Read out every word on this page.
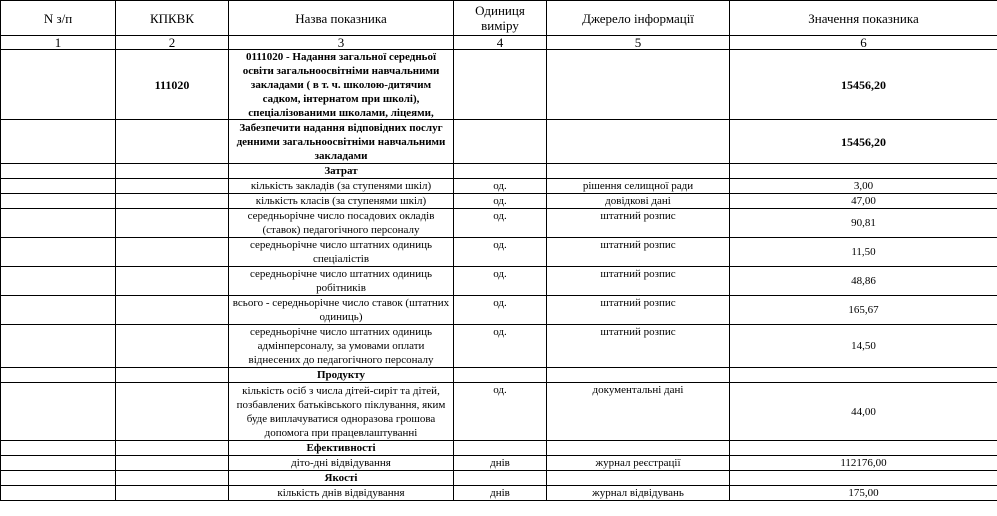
N з/п	КПКВК	Назва показника	Одиниця виміру	Джерело інформації	Значення показника
1	2	3	4	5	6
	111020	0111020 - Надання загальної середньої освіти загальноосвітніми навчальними закладами ( в т. ч. школою-дитячим садком, інтернатом при школі), спеціалізованими школами, ліцеями,			15456,20
		Забезпечити надання відповідних послуг денними загальноосвітніми навчальними закладами			15456,20
		Затрат			
		кількість закладів (за ступенями шкіл)	од.	рішення селищної ради	3,00
		кількість класів (за ступенями шкіл)	од.	довідкові дані	47,00
		середньорічне число посадових окладів (ставок) педагогічного персоналу	од.	штатний розпис	90,81
		середньорічне число штатних одиниць спеціалістів	од.	штатний розпис	11,50
		середньорічне число штатних одиниць робітників	од.	штатний розпис	48,86
		всього - середньорічне число ставок (штатних одиниць)	од.	штатний розпис	165,67
		середньорічне число штатних одиниць адмінперсоналу, за умовами оплати віднесених до педагогічного персоналу	од.	штатний розпис	14,50
		Продукту			
		кількість осіб з числа дітей-сиріт та дітей, позбавлених батьківського піклування, яким буде виплачуватися одноразова грошова допомога при працевлаштуванні	од.	документальні дані	44,00
		Ефективності			
		діто-дні відвідування	днів	журнал реєстрації	112176,00
		Якості			
		кількість днів відвідування	днів	журнал відвідувань	175,00
